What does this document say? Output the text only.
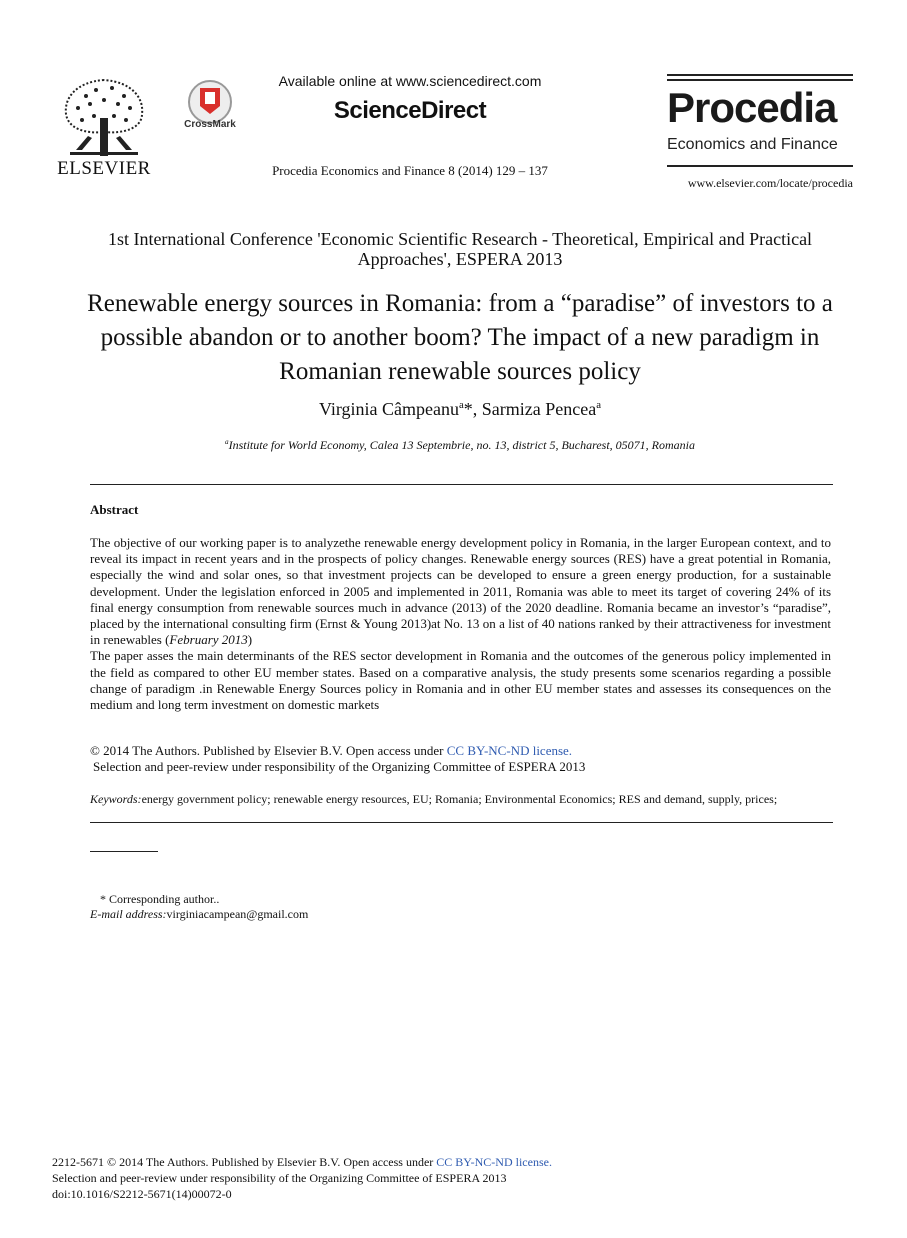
ELSEVIER
CrossMark
Available online at www.sciencedirect.com
ScienceDirect
Procedia Economics and Finance 8 (2014) 129 – 137
Procedia
Economics and Finance
www.elsevier.com/locate/procedia
1st International Conference 'Economic Scientific Research - Theoretical, Empirical and Practical Approaches', ESPERA 2013
Renewable energy sources in Romania: from a “paradise” of investors to a possible abandon or to another boom? The impact of a new paradigm in Romanian renewable sources policy
Virginia Câmpeanu$^a$*, Sarmiza Pencea$^a$
$^a$Institute for World Economy, Calea 13 Septembrie, no. 13, district 5, Bucharest, 05071, Romania
Abstract

The objective of our working paper is to analyzethe renewable energy development policy in Romania, in the larger European context, and to reveal its impact in recent years and in the prospects of policy changes. Renewable energy sources (RES) have a great potential in Romania, especially the wind and solar ones, so that investment projects can be developed to ensure a green energy production, for a sustainable development. Under the legislation enforced in 2005 and implemented in 2011, Romania was able to meet its target of covering 24% of its final energy consumption from renewable sources much in advance (2013) of the 2020 deadline. Romania became an investor’s “paradise”, placed by the international consulting firm (Ernst & Young 2013)at No. 13 on a list of 40 nations ranked by their attractiveness for investment in renewables (February 2013)

The paper asses the main determinants of the RES sector development in Romania and the outcomes of the generous policy implemented in the field as compared to other EU member states. Based on a comparative analysis, the study presents some scenarios regarding a possible change of paradigm .in Renewable Energy Sources policy in Romania and in other EU member states and assesses its consequences on the medium and long term investment on domestic markets

© 2014 The Authors. Published by Elsevier B.V. Open access under CC BY-NC-ND license.
Selection and peer-review under responsibility of the Organizing Committee of ESPERA 2013
Keywords:energy government policy; renewable energy resources, EU; Romania; Environmental Economics; RES and demand, supply, prices;
* Corresponding author..
E-mail address:virginiacampean@gmail.com
2212-5671 © 2014 The Authors. Published by Elsevier B.V. Open access under CC BY-NC-ND license.
Selection and peer-review under responsibility of the Organizing Committee of ESPERA 2013
doi:10.1016/S2212-5671(14)00072-0
